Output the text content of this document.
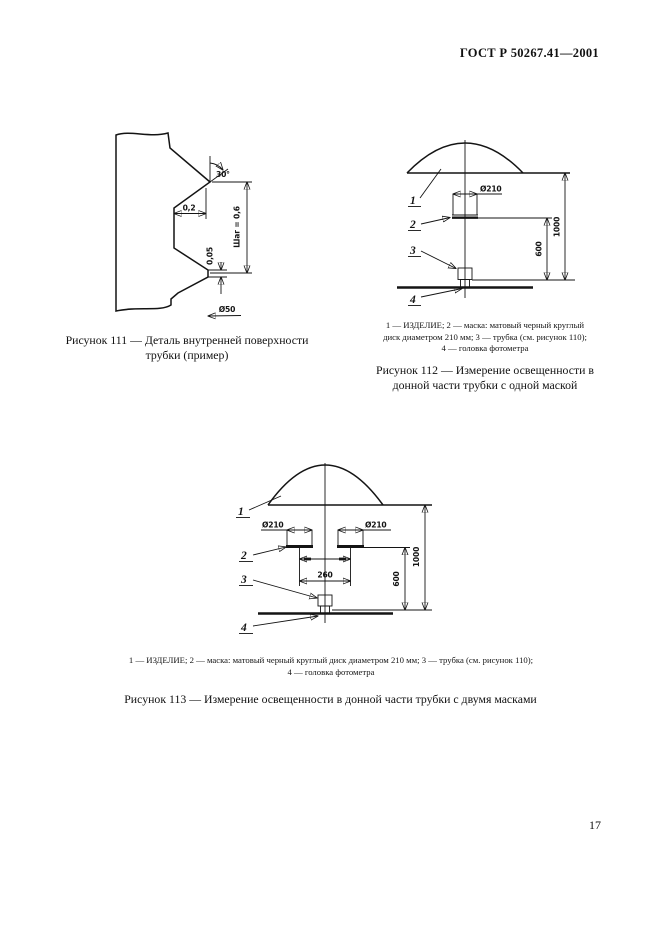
ГОСТ Р 50267.41—2001
30°
0,2	Шаг = 0,6
0,05
Ø50
Рисунок 111 — Деталь внутренней поверхности
трубки (пример)
Ø210
600
1000
1
2
3
4
1 — ИЗДЕЛИЕ; 2 — маска: матовый черный круглый
диск диаметром 210 мм; 3 — трубка (см. рисунок 110);
4 — головка фотометра
Рисунок 112 — Измерение освещенности в
донной части трубки с одной маской
Ø210	Ø210
260	600
1000
1
2
3
4
1 — ИЗДЕЛИЕ; 2 — маска: матовый черный круглый диск диаметром 210 мм; 3 — трубка (см. рисунок 110);
4 — головка фотометра
Рисунок 113 — Измерение освещенности в донной части трубки с двумя масками
17
